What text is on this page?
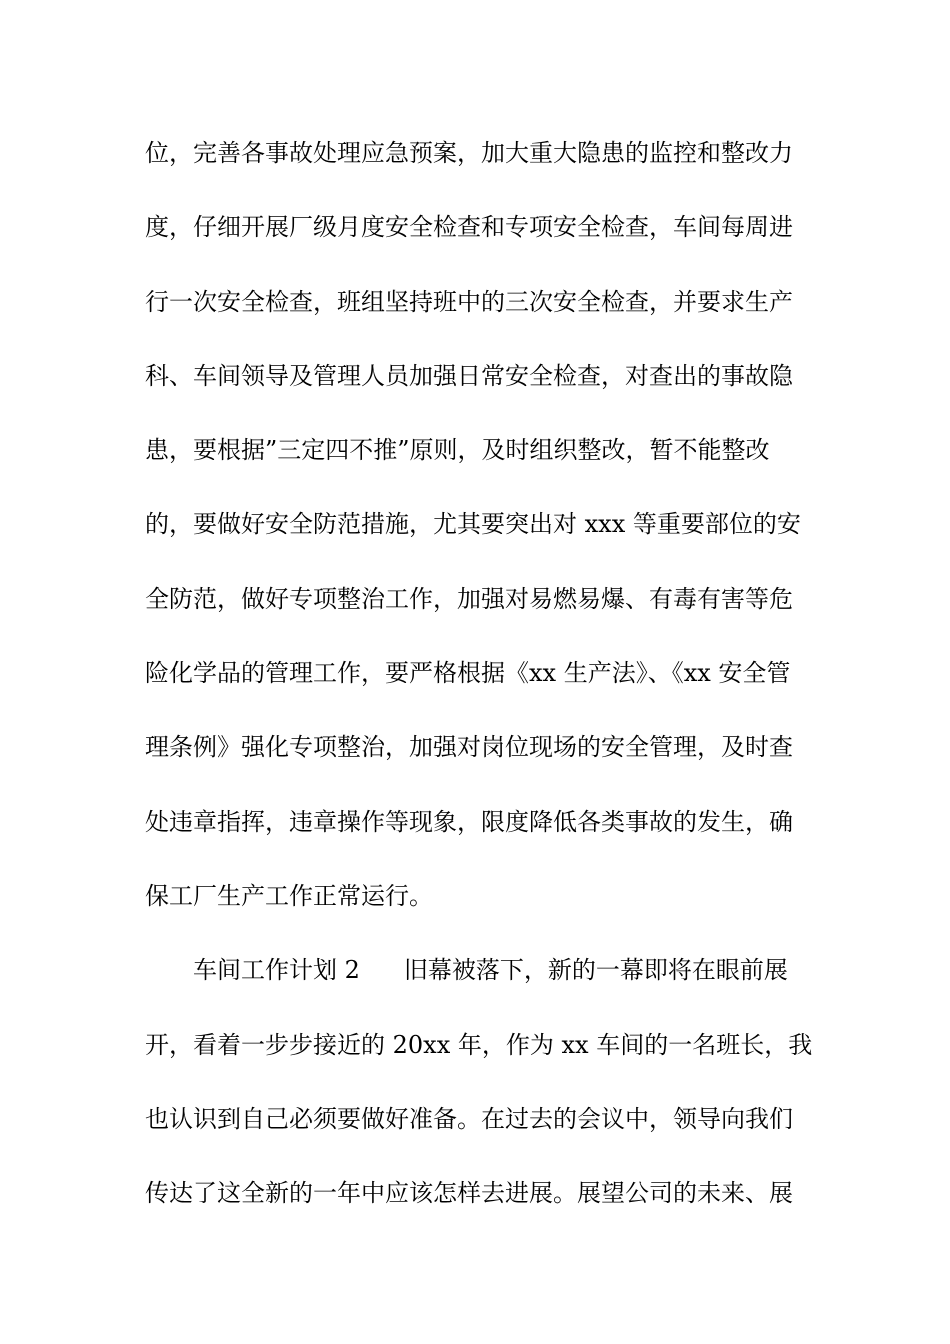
位，完善各事故处理应急预案，加大重大隐患的监控和整改力
度，仔细开展厂级月度安全检查和专项安全检查，车间每周进
行一次安全检查，班组坚持班中的三次安全检查，并要求生产
科、车间领导及管理人员加强日常安全检查，对查出的事故隐
患，要根据”三定四不推”原则，及时组织整改，暂不能整改
的，要做好安全防范措施，尤其要突出对 xxx 等重要部位的安
全防范，做好专项整治工作，加强对易燃易爆、有毒有害等危
险化学品的管理工作，要严格根据《xx 生产法》、《xx 安全管
理条例》强化专项整治，加强对岗位现场的安全管理，及时查
处违章指挥，违章操作等现象，限度降低各类事故的发生，确
保工厂生产工作正常运行。
车间工作计划 2 旧幕被落下，新的一幕即将在眼前展
开，看着一步步接近的 20xx 年，作为 xx 车间的一名班长，我
也认识到自己必须要做好准备。在过去的会议中，领导向我们
传达了这全新的一年中应该怎样去进展。展望公司的未来、展
